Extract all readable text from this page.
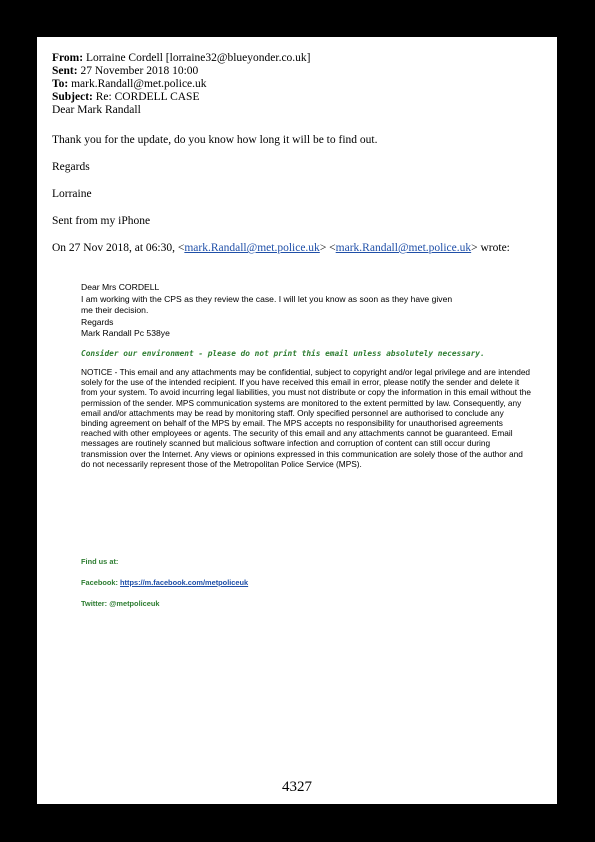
From: Lorraine Cordell [lorraine32@blueyonder.co.uk]
Sent: 27 November 2018 10:00
To: mark.Randall@met.police.uk
Subject: Re: CORDELL CASE
Dear Mark Randall
Thank you for the update, do you know how long it will be to find out.
Regards
Lorraine
Sent from my iPhone
On 27 Nov 2018, at 06:30, <mark.Randall@met.police.uk> <mark.Randall@met.police.uk> wrote:
Dear Mrs CORDELL
I am working with the CPS as they review the case. I will let you know as soon as they have given
me their decision.
Regards
Mark Randall Pc 538ye
Consider our environment - please do not print this email unless absolutely necessary.
NOTICE - This email and any attachments may be confidential, subject to copyright and/or legal privilege and are intended solely for the use of the intended recipient. If you have received this email in error, please notify the sender and delete it from your system. To avoid incurring legal liabilities, you must not distribute or copy the information in this email without the permission of the sender. MPS communication systems are monitored to the extent permitted by law. Consequently, any email and/or attachments may be read by monitoring staff. Only specified personnel are authorised to conclude any binding agreement on behalf of the MPS by email. The MPS accepts no responsibility for unauthorised agreements reached with other employees or agents. The security of this email and any attachments cannot be guaranteed. Email messages are routinely scanned but malicious software infection and corruption of content can still occur during transmission over the Internet. Any views or opinions expressed in this communication are solely those of the author and do not necessarily represent those of the Metropolitan Police Service (MPS).
Find us at:
Facebook: https://m.facebook.com/metpoliceuk
Twitter: @metpoliceuk
4327
